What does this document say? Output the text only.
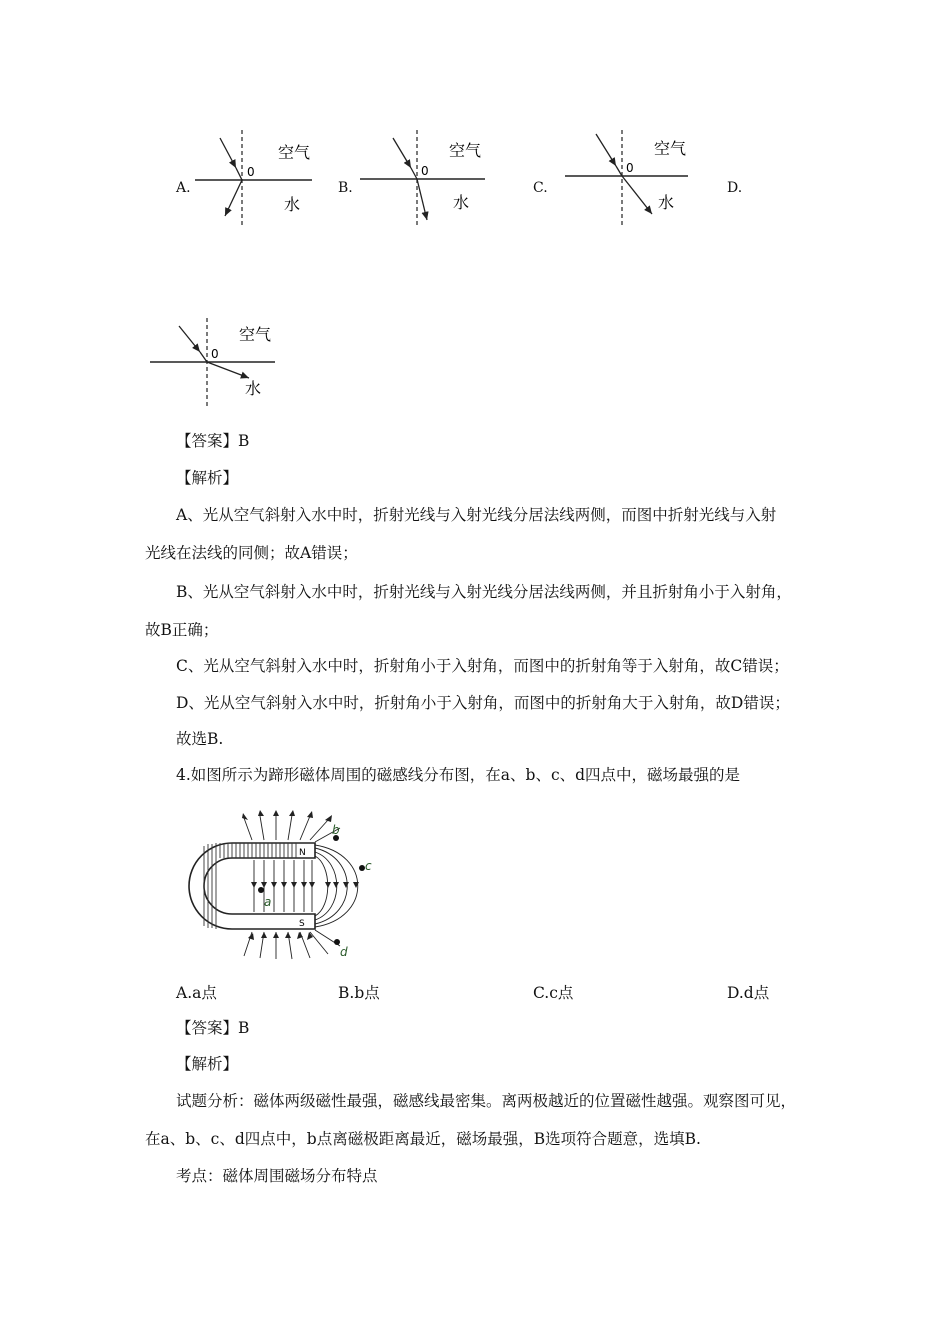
A.
0
空气
水
B.
0
空气
水
C.
0
空气
水
D.
0
空气
水
【答案】B
【解析】
A、光从空气斜射入水中时，折射光线与入射光线分居法线两侧，而图中折射光线与入射
光线在法线的同侧；故A错误；
B、光从空气斜射入水中时，折射光线与入射光线分居法线两侧，并且折射角小于入射角，
故B正确；
C、光从空气斜射入水中时，折射角小于入射角，而图中的折射角等于入射角，故C错误；
D、光从空气斜射入水中时，折射角小于入射角，而图中的折射角大于入射角，故D错误；
故选B.
4.如图所示为蹄形磁体周围的磁感线分布图，在a、b、c、d四点中，磁场最强的是
N
S
a
b
c
d
A.a点	B.b点	C.c点	D.d点
【答案】B
【解析】
试题分析：磁体两级磁性最强，磁感线最密集。离两极越近的位置磁性越强。观察图可见，
在a、b、c、d四点中，b点离磁极距离最近，磁场最强，B选项符合题意，选填B.
考点：磁体周围磁场分布特点
